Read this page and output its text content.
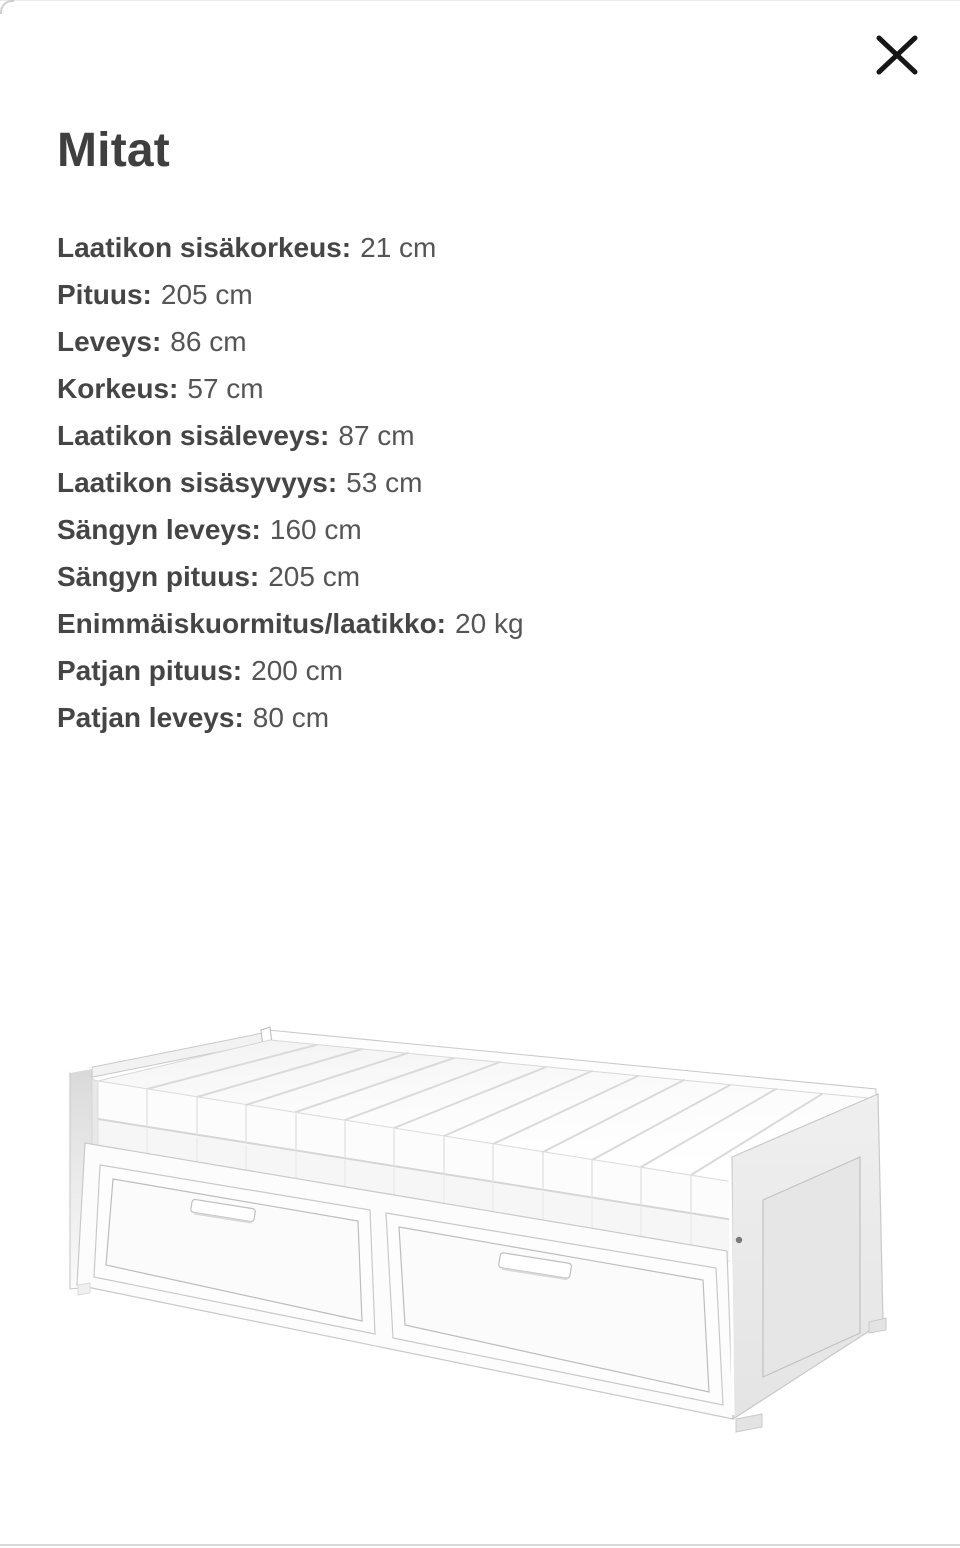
Mitat
Laatikon sisäkorkeus: 21 cm
Pituus: 205 cm
Leveys: 86 cm
Korkeus: 57 cm
Laatikon sisäleveys: 87 cm
Laatikon sisäsyvyys: 53 cm
Sängyn leveys: 160 cm
Sängyn pituus: 205 cm
Enimmäiskuormitus/laatikko: 20 kg
Patjan pituus: 200 cm
Patjan leveys: 80 cm
